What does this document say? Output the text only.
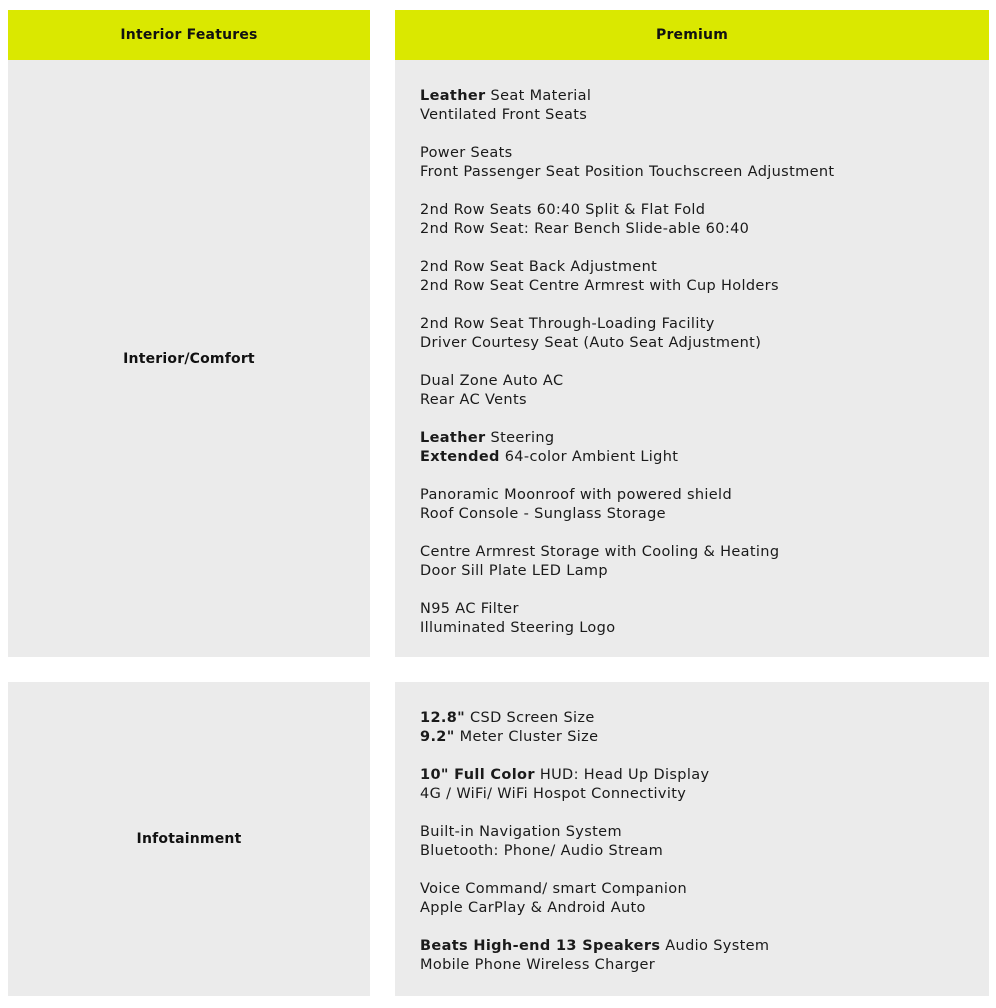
Interior Features	Premium
Interior/Comfort
Leather Seat Material
Ventilated Front Seats
Power Seats
Front Passenger Seat Position Touchscreen Adjustment
2nd Row Seats 60:40 Split & Flat Fold
2nd Row Seat: Rear Bench Slide-able 60:40
2nd Row Seat Back Adjustment
2nd Row Seat Centre Armrest with Cup Holders
2nd Row Seat Through-Loading Facility
Driver Courtesy Seat (Auto Seat Adjustment)
Dual Zone Auto AC
Rear AC Vents
Leather Steering
Extended 64-color Ambient Light
Panoramic Moonroof with powered shield
Roof Console - Sunglass Storage
Centre Armrest Storage with Cooling & Heating
Door Sill Plate LED Lamp
N95 AC Filter
Illuminated Steering Logo
Infotainment
12.8" CSD Screen Size
9.2" Meter Cluster Size
10" Full Color HUD: Head Up Display
4G / WiFi/ WiFi Hospot Connectivity
Built-in Navigation System
Bluetooth: Phone/ Audio Stream
Voice Command/ smart Companion
Apple CarPlay & Android Auto
Beats High-end 13 Speakers Audio System
Mobile Phone Wireless Charger
